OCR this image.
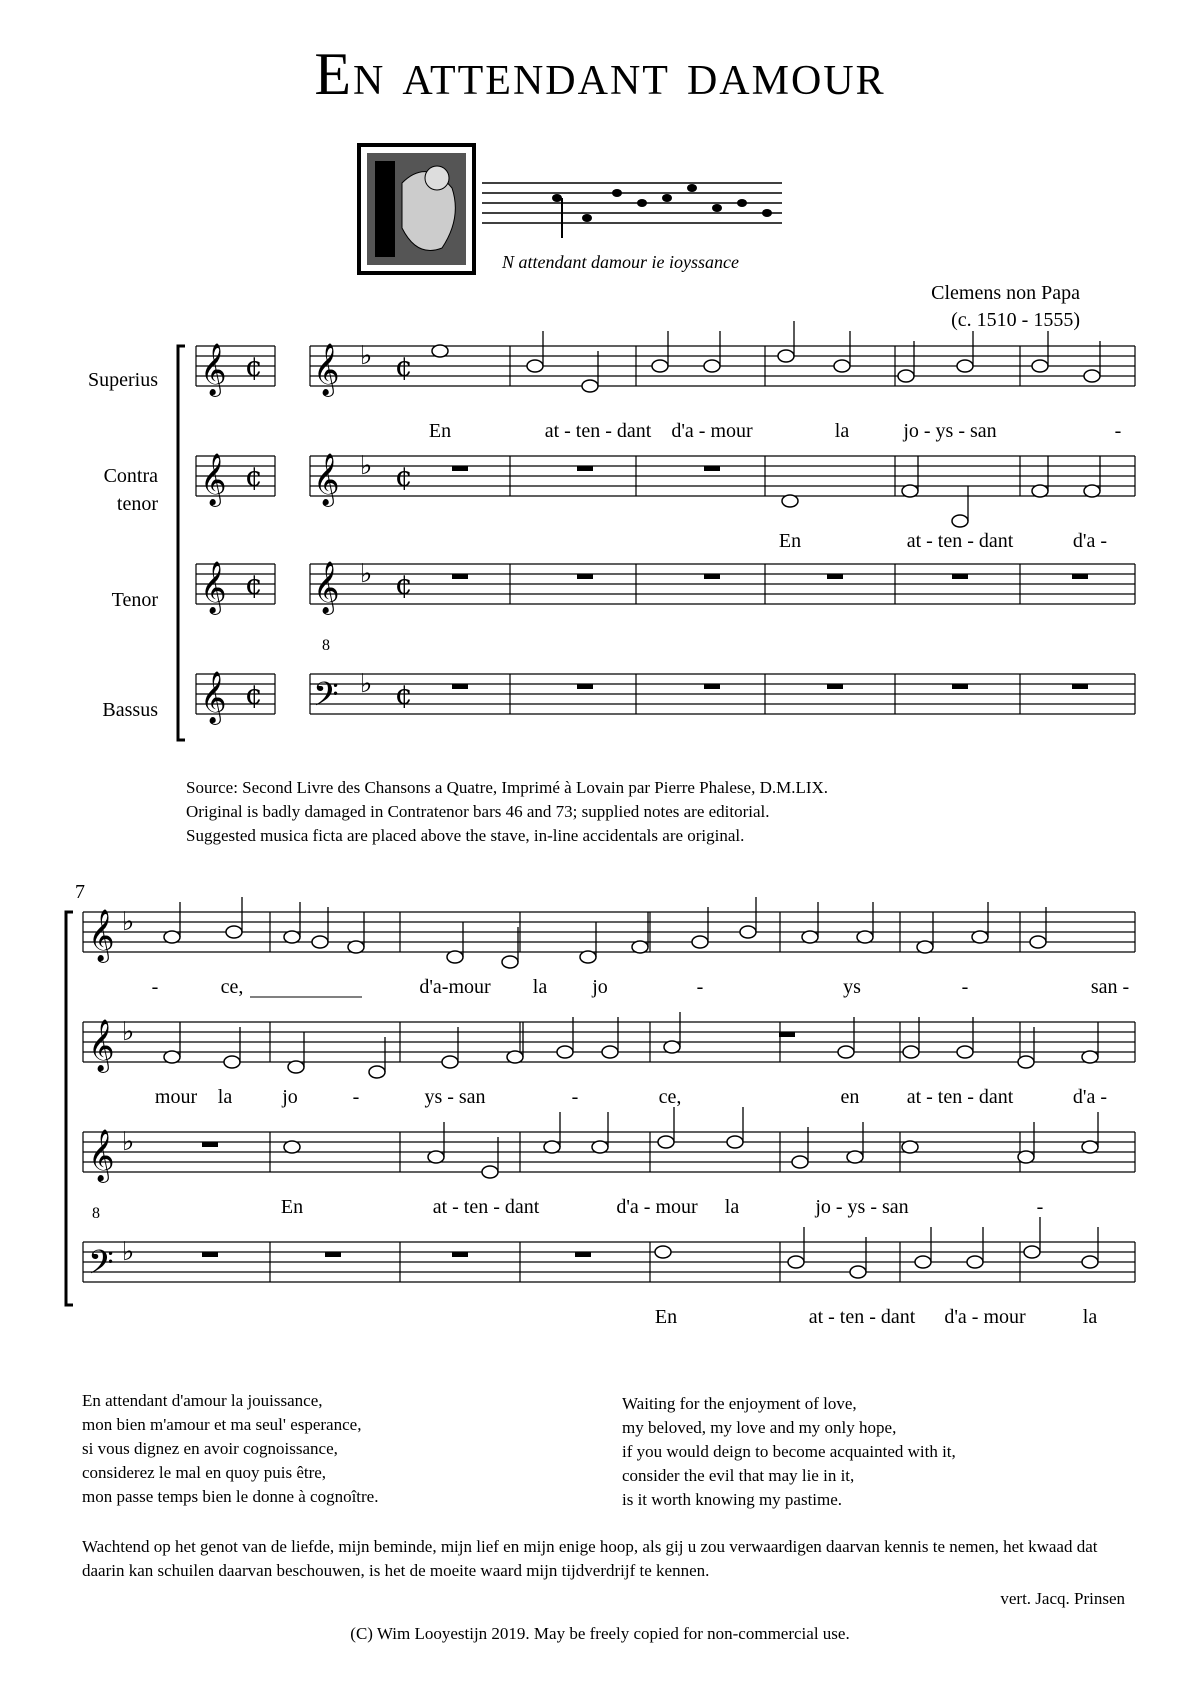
En attendant damour
N attendant damour ie ioyssance
Clemens non Papa
(c. 1510 - 1555)
Superius
Contra
tenor
Tenor
Bassus
Source: Second Livre des Chansons a Quatre, Imprimé à Lovain par Pierre Phalese, D.M.LIX.
Original is badly damaged in Contratenor bars 46 and 73; supplied notes are editorial.
Suggested musica ficta are placed above the stave, in-line accidentals are original.
𝄞 ¢ 𝄞 ♭ ¢
𝄞 ¢ 𝄞 ♭ ¢
𝄞 ¢ 𝄞 ♭ ¢
𝄞 ¢ 𝄢 ♭ ¢
8
𝄞 ♭
𝄞 ♭
𝄞 ♭
𝄢 ♭
7
8
En	at - ten - dant d'a - mour	la	jo - ys - san	-
En	at - ten - dant	d'a -
-	ce,	d'a-mour la jo	-	ys	-	san -
mour la	jo	-	ys - san	-	ce,	en at - ten - dant	d'a -
En	at - ten - dant	d'a - mour la	jo - ys - san	-
En	at - ten - dant d'a - mour	la
En attendant d'amour la jouissance,
mon bien m'amour et ma seul' esperance,
si vous dignez en avoir cognoissance,
considerez le mal en quoy puis être,
mon passe temps bien le donne à cognoître.
Waiting for the enjoyment of love,
my beloved, my love and my only hope,
if you would deign to become acquainted with it,
consider the evil that may lie in it,
is it worth knowing my pastime.
Wachtend op het genot van de liefde, mijn beminde, mijn lief en mijn enige hoop, als gij u zou verwaardigen daarvan kennis te nemen, het kwaad dat daarin kan schuilen daarvan beschouwen, is het de moeite waard mijn tijdverdrijf te kennen.
vert. Jacq. Prinsen
(C) Wim Looyestijn 2019. May be freely copied for non-commercial use.
